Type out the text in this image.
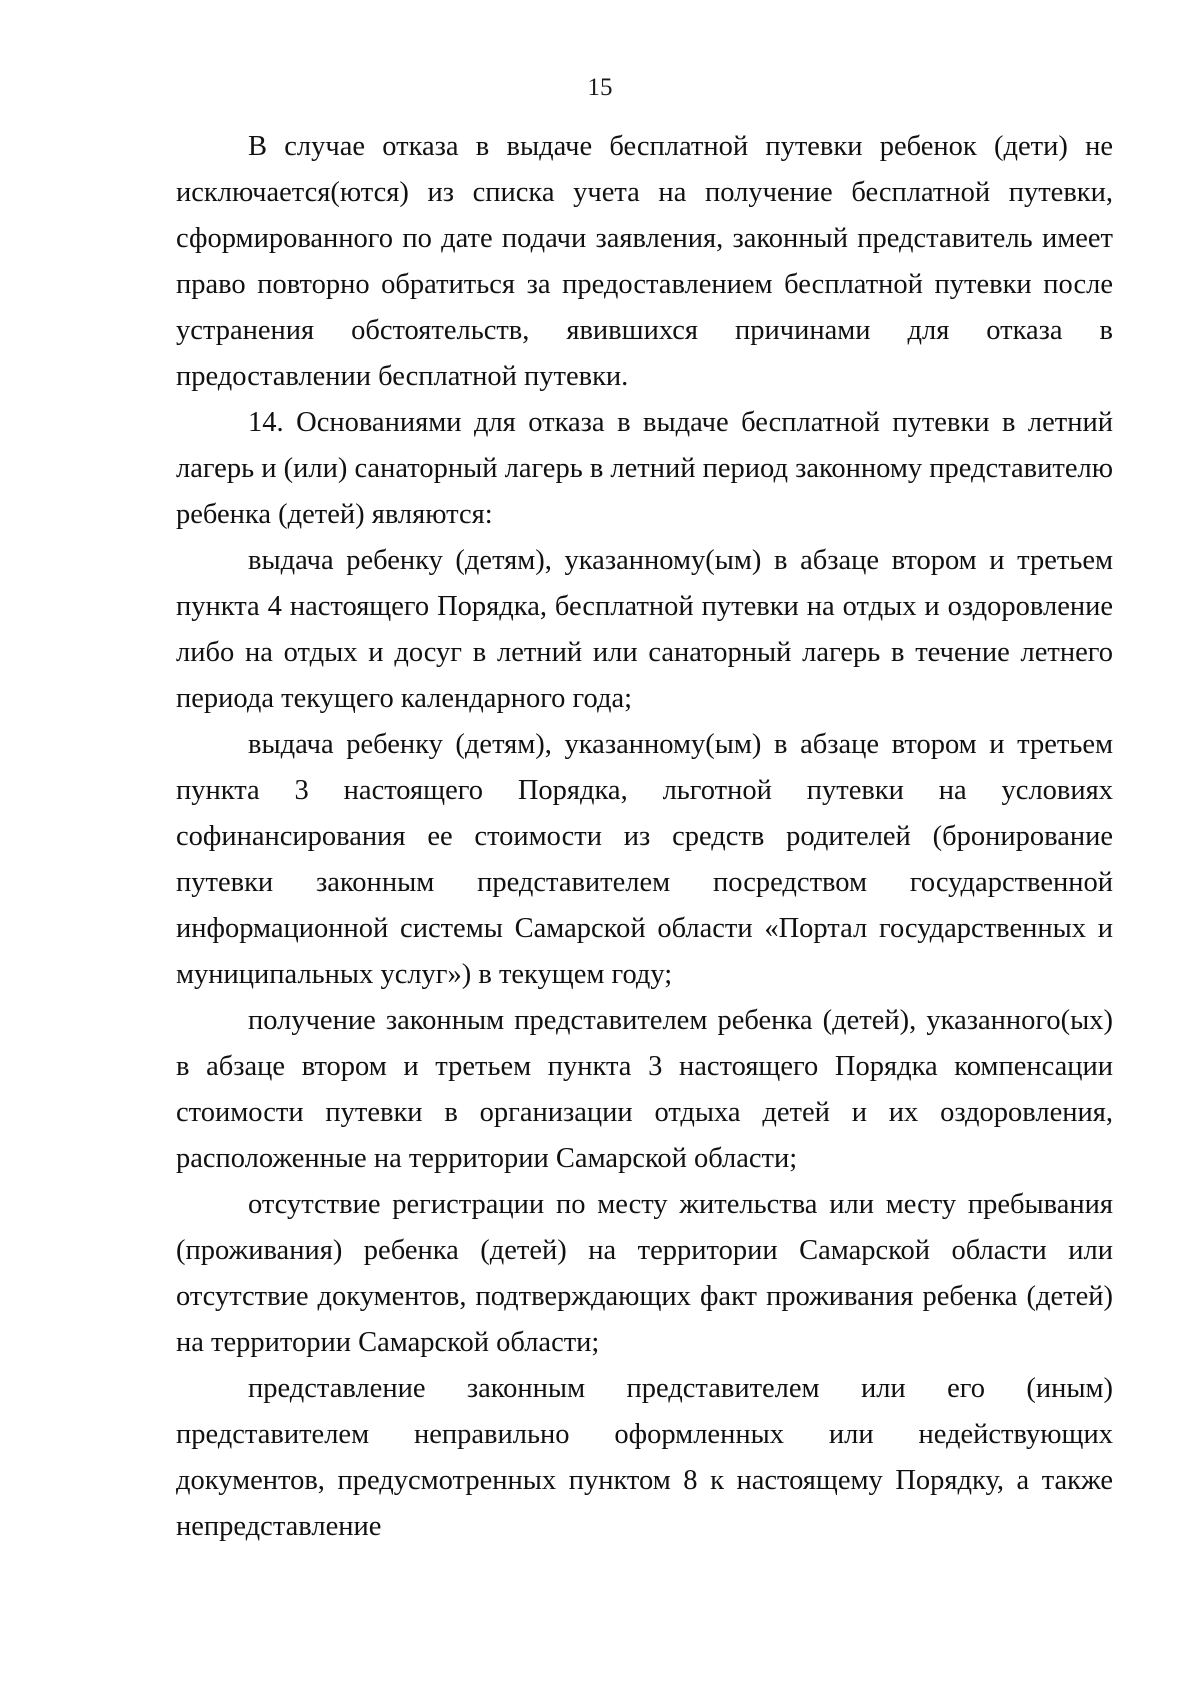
15

В случае отказа в выдаче бесплатной путевки ребенок (дети) не исключается(ются) из списка учета на получение бесплатной путевки, сформированного по дате подачи заявления, законный представитель имеет право повторно обратиться за предоставлением бесплатной путевки после устранения обстоятельств, явившихся причинами для отказа в предоставлении бесплатной путевки.

14. Основаниями для отказа в выдаче бесплатной путевки в летний лагерь и (или) санаторный лагерь в летний период законному представителю ребенка (детей) являются:

выдача ребенку (детям), указанному(ым) в абзаце втором и третьем пункта 4 настоящего Порядка, бесплатной путевки на отдых и оздоровление либо на отдых и досуг в летний или санаторный лагерь в течение летнего периода текущего календарного года;

выдача ребенку (детям), указанному(ым) в абзаце втором и третьем пункта 3 настоящего Порядка, льготной путевки на условиях софинансирования ее стоимости из средств родителей (бронирование путевки законным представителем посредством государственной информационной системы Самарской области «Портал государственных и муниципальных услуг») в текущем году;

получение законным представителем ребенка (детей), указанного(ых) в абзаце втором и третьем пункта 3 настоящего Порядка компенсации стоимости путевки в организации отдыха детей и их оздоровления, расположенные на территории Самарской области;

отсутствие регистрации по месту жительства или месту пребывания (проживания) ребенка (детей) на территории Самарской области или отсутствие документов, подтверждающих факт проживания ребенка (детей) на территории Самарской области;

представление законным представителем или его (иным) представителем неправильно оформленных или недействующих документов, предусмотренных пунктом 8 к настоящему Порядку, а также непредставление
